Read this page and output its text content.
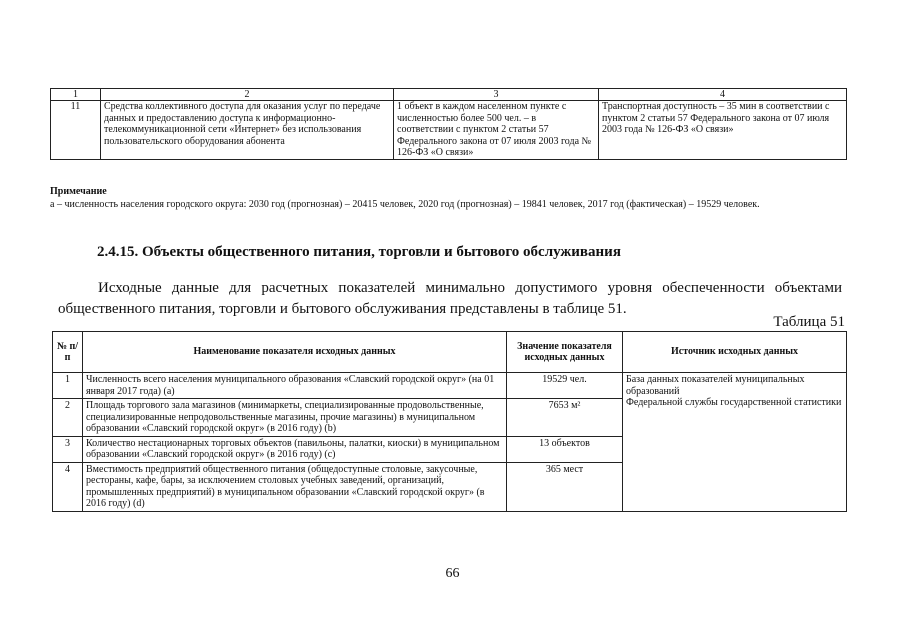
1	2	3	4
11	Средства коллективного доступа для оказания услуг по передаче данных и предоставлению доступа к информационно-телекоммуникационной сети «Интернет» без использования пользовательского оборудования абонента	1 объект в каждом населенном пункте с численностью более 500 чел. – в соответствии с пунктом 2 статьи 57 Федерального закона от 07 июля 2003 года № 126-ФЗ «О связи»	Транспортная доступность – 35 мин в соответствии с пунктом 2 статьи 57 Федерального закона от 07 июля 2003 года № 126-ФЗ «О связи»
Примечание
а – численность населения городского округа: 2030 год (прогнозная) – 20415 человек, 2020 год (прогнозная) – 19841 человек, 2017 год (фактическая) – 19529 человек.
2.4.15. Объекты общественного питания, торговли и бытового обслуживания
Исходные данные для расчетных показателей минимально допустимого уровня обеспеченности объектами
общественного питания, торговли и бытового обслуживания представлены в таблице 51.
Таблица 51
№ п/п	Наименование показателя исходных данных	Значение показателя исходных данных	Источник исходных данных
1	Численность всего населения муниципального образования «Славский городской округ» (на 01 января 2017 года) (a)	19529 чел.	База данных показателей муниципальных образований
Федеральной службы государственной статистики

2	Площадь торгового зала магазинов (минимаркеты, специализированные продовольственные, специализированные непродовольственные магазины, прочие магазины) в муниципальном образовании «Славский городской округ» (в 2016 году) (b)	7653 м²	
3	Количество нестационарных торговых объектов (павильоны, палатки, киоски) в муниципальном образовании «Славский городской округ» (в 2016 году) (c)	13 объектов	
4	Вместимость предприятий общественного питания (общедоступные столовые, закусочные, рестораны, кафе, бары, за исключением столовых учебных заведений, организаций, промышленных предприятий) в муниципальном образовании «Славский городской округ» (в 2016 году) (d)	365 мест	
66
